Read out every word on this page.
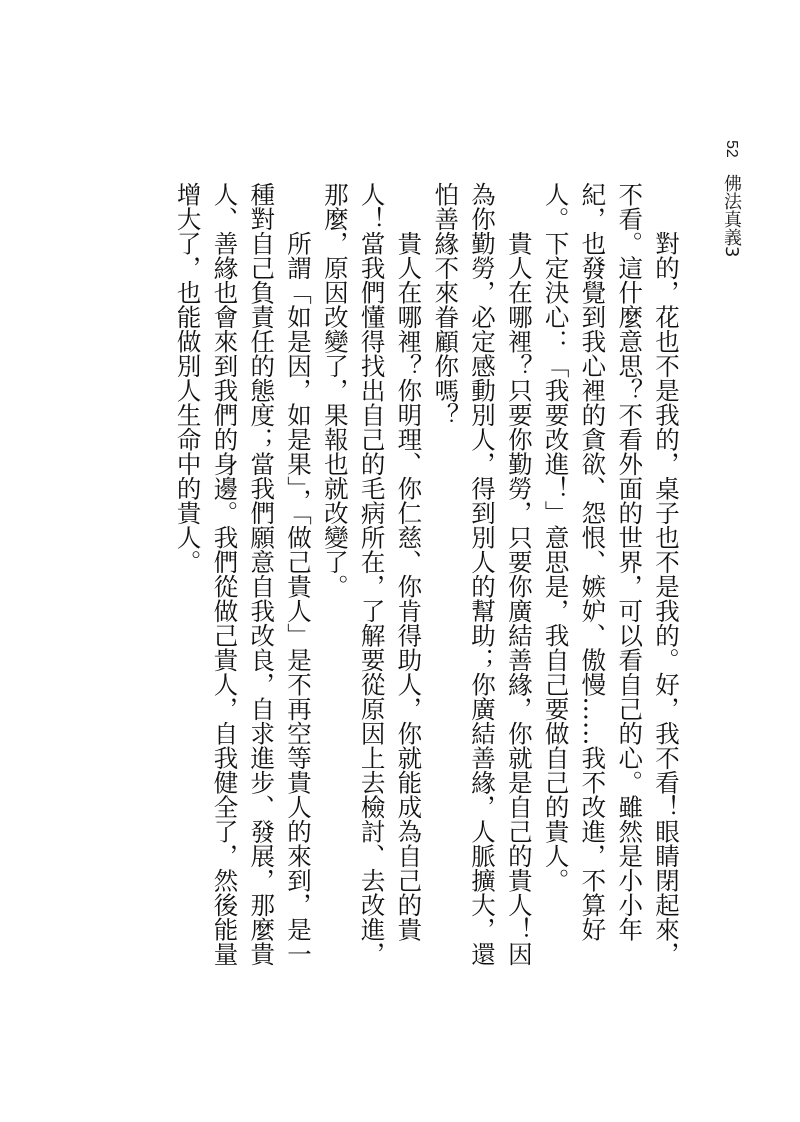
52 佛法真義3

對的，花也不是我的，桌子也不是我的。好，我不看！眼睛閉起來，不看。這什麼意思？不看外面的世界，可以看自己的心。雖然是小小年紀，也發覺到我心裡的貪欲、怨恨、嫉妒、傲慢……我不改進，不算好人。下定決心：「我要改進！」意思是，我自己要做自己的貴人。

貴人在哪裡？只要你勤勞，只要你廣結善緣，你就是自己的貴人！因為你勤勞，必定感動別人，得到別人的幫助；你廣結善緣，人脈擴大，還怕善緣不來眷顧你嗎？

貴人在哪裡？你明理、你仁慈、你肯得助人，你就能成為自己的貴人！當我們懂得找出自己的毛病所在，了解要從原因上去檢討、去改進，那麼，原因改變了，果報也就改變了。

所謂「如是因，如是果」，「做己貴人」是不再空等貴人的來到，是一種對自己負責任的態度；當我們願意自我改良，自求進步、發展，那麼貴人、善緣也會來到我們的身邊。我們從做己貴人，自我健全了，然後能量增大了，也能做別人生命中的貴人。
